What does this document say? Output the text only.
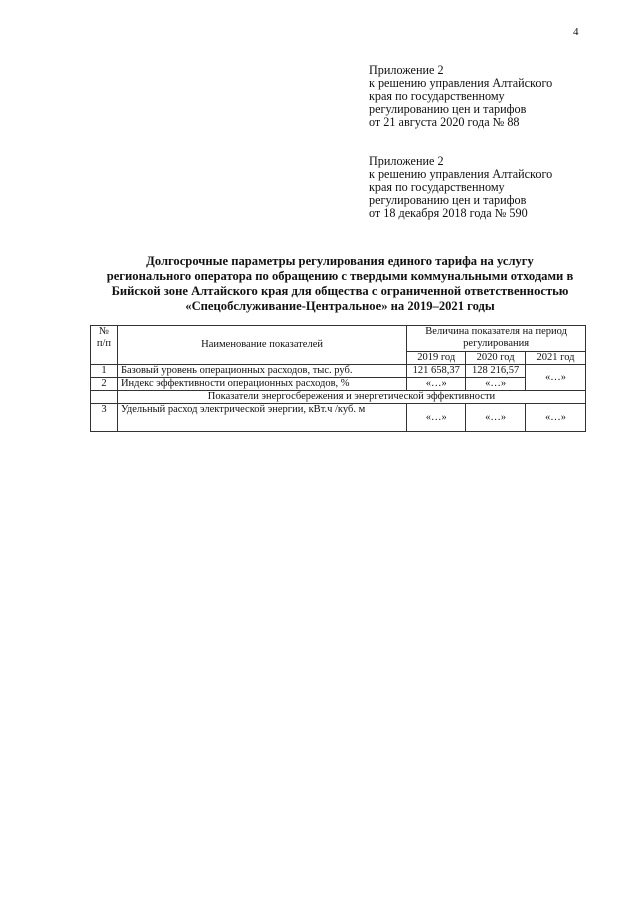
4
Приложение 2
к решению управления Алтайского
края по государственному
регулированию цен и тарифов
от 21 августа 2020 года № 88
Приложение 2
к решению управления Алтайского
края по государственному
регулированию цен и тарифов
от 18 декабря 2018 года № 590
Долгосрочные параметры регулирования единого тарифа на услугу
регионального оператора по обращению с твердыми коммунальными отходами в
Бийской зоне Алтайского края для общества с ограниченной ответственностью
«Спецобслуживание-Центральное» на 2019–2021 годы
№ п/п	Наименование показателей	Величина показателя на период регулирования		
		2019 год	2020 год	2021 год
1	Базовый уровень операционных расходов, тыс. руб.	121 658,37	128 216,57	«…»
2	Индекс эффективности операционных расходов, %	«…»	«…»	
	Показатели энергосбережения и энергетической эффективности			
3	Удельный расход электрической энергии, кВт.ч /куб. м	«…»	«…»	«…»
